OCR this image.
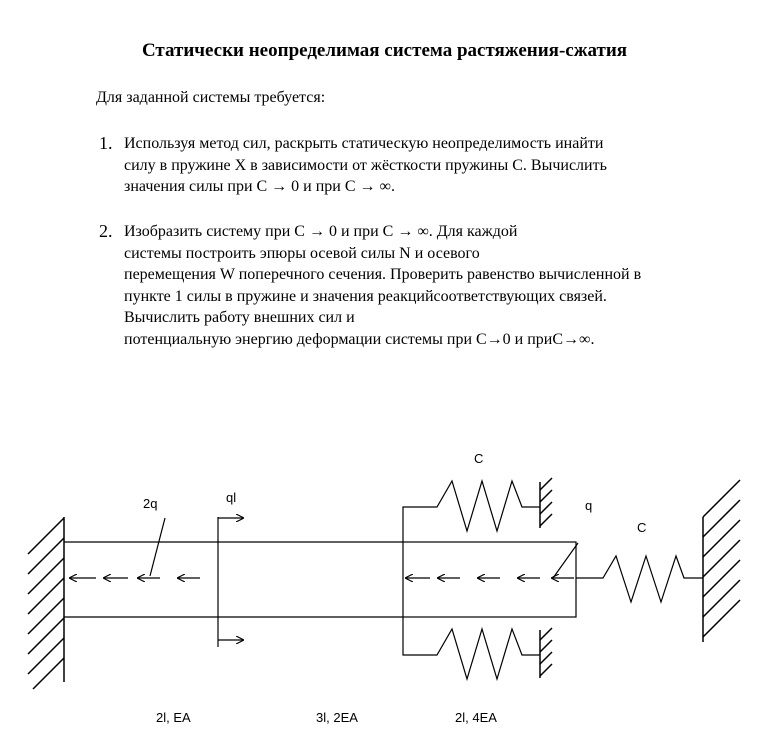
Статически неопределимая система растяжения-сжатия
Для заданной системы требуется:
1. Используя метод сил, раскрыть статическую неопределимость инайти
силу в пружине X в зависимости от жёсткости пружины C. Вычислить
значения силы при C → 0 и при C → ∞.
2. Изобразить систему при C → 0 и при C → ∞. Для каждой
системы построить эпюры осевой силы N и осевого
перемещения W поперечного сечения. Проверить равенство вычисленной в
пункте 1 силы в пружине и значения реакцийсоответствующих связей.
Вычислить работу внешних сил и
потенциальную энергию деформации системы при C→0 и приC→∞.
2q	ql
q
C
C
2l, EA	3l, 2EA	2l, 4EA
